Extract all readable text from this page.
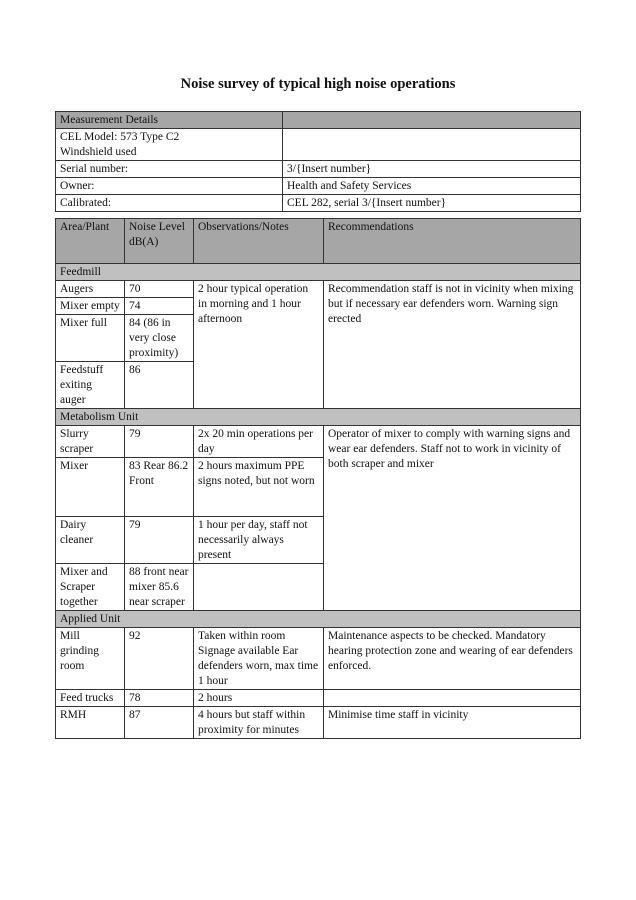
Noise survey of typical high noise operations
Measurement Details	

CEL Model: 573 Type C2
Windshield used	

Serial number:	3/{Insert number}
Owner:	Health and Safety Services
Calibrated:	CEL 282, serial 3/{Insert number}
Area/Plant	Noise Level dB(A)	Observations/Notes	Recommendations
Feedmill			
Augers	70	2 hour typical operation in morning and 1 hour afternoon	Recommendation staff is not in vicinity when mixing but if necessary ear defenders worn. Warning sign erected
Mixer empty	74		
Mixer full	84 (86 in very close proximity)		
Feedstuff exiting auger	86		
Metabolism Unit			
Slurry scraper	79	2x 20 min operations per day	Operator of mixer to comply with warning signs and wear ear defenders. Staff not to work in vicinity of both scraper and mixer
Mixer	83 Rear 86.2 Front	2 hours maximum PPE signs noted, but not worn	
Dairy cleaner	79	1 hour per day, staff not necessarily always present	
Mixer and Scraper together	88 front near mixer 85.6 near scraper		
Applied Unit			
Mill grinding room	92	Taken within room Signage available Ear defenders worn, max time 1 hour	Maintenance aspects to be checked. Mandatory hearing protection zone and wearing of ear defenders enforced.
Feed trucks	78	2 hours	
RMH	87	4 hours but staff within proximity for minutes	Minimise time staff in vicinity
